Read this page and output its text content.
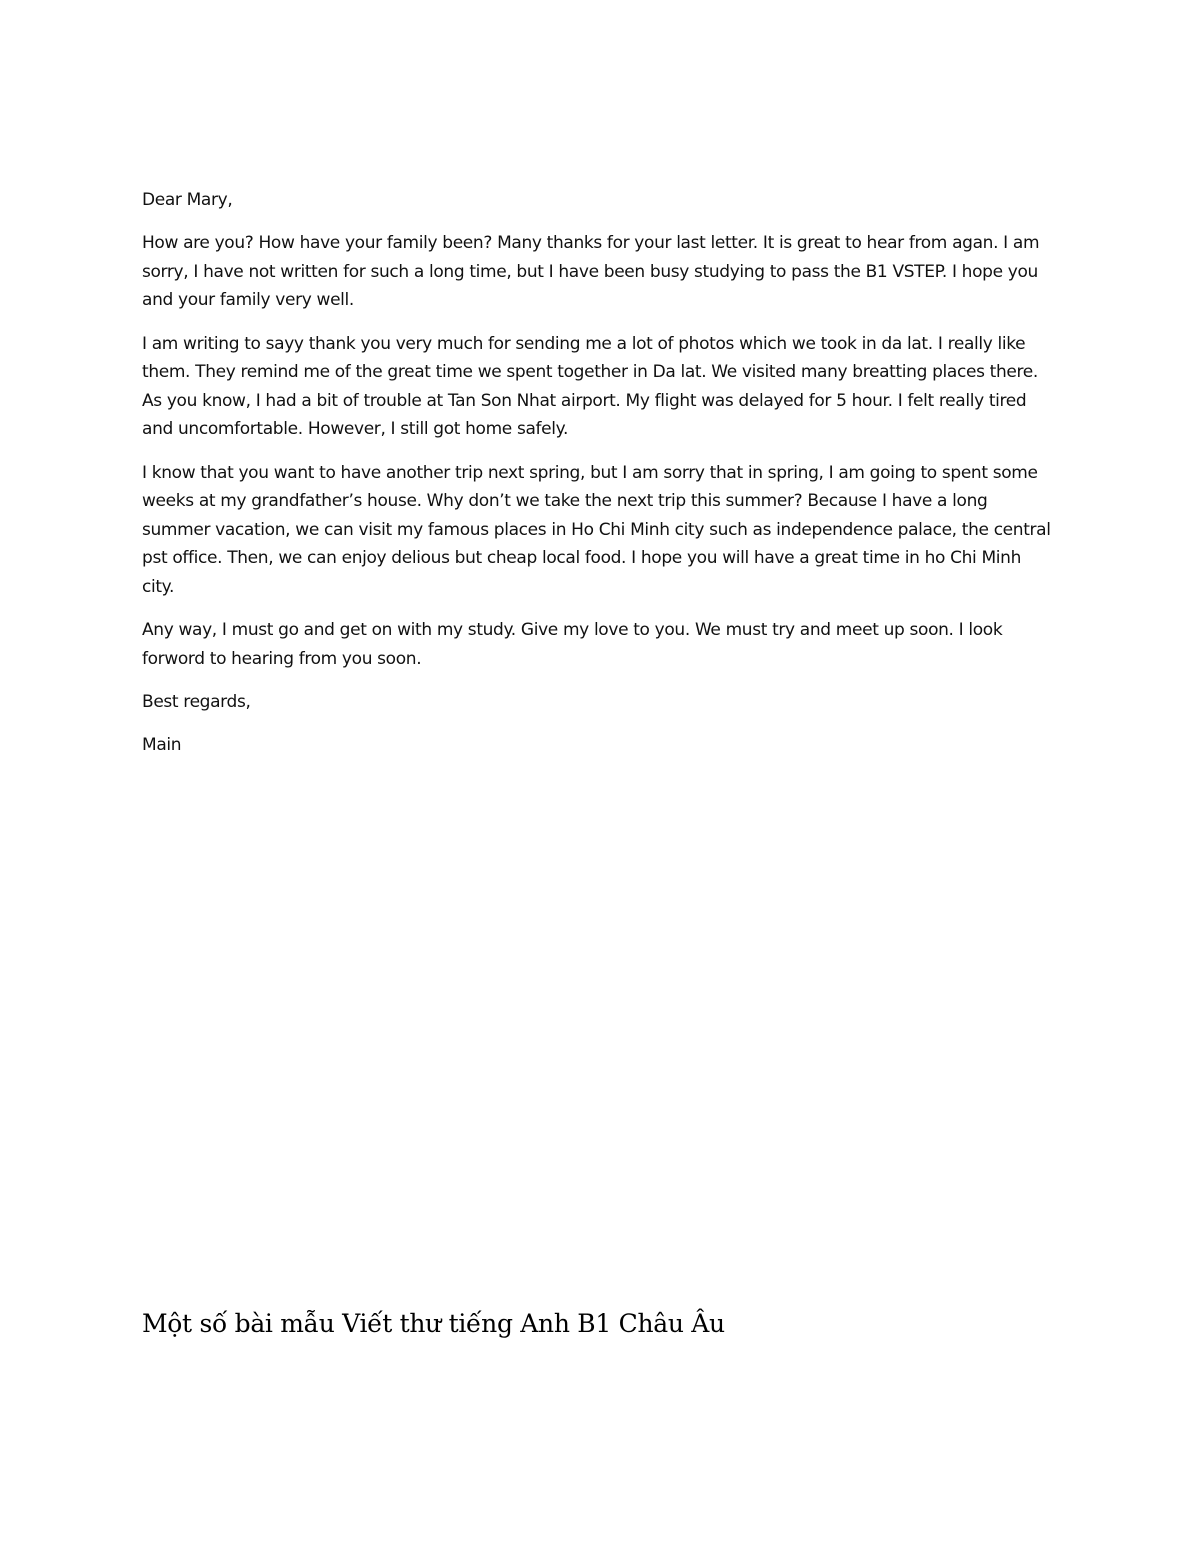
Dear Mary,

How are you? How have your family been? Many thanks for your last letter. It is great to hear from agan. I am sorry, I have not written for such a long time, but I have been busy studying to pass the B1 VSTEP. I hope you and your family very well.

I am writing to sayy thank you very much for sending me a lot of photos which we took in da lat. I really like them. They remind me of the great time we spent together in Da lat. We visited many breatting places there. As you know, I had a bit of trouble at Tan Son Nhat airport. My flight was delayed for 5 hour. I felt really tired and uncomfortable. However, I still got home safely.

I know that you want to have another trip next spring, but I am sorry that in spring, I am going to spent some weeks at my grandfather’s house. Why don’t we take the next trip this summer? Because I have a long summer vacation, we can visit my famous places in Ho Chi Minh city such as independence palace, the central pst office. Then, we can enjoy delious but cheap local food. I hope you will have a great time in ho Chi Minh city.

Any way, I must go and get on with my study. Give my love to you. We must try and meet up soon. I look forword to hearing from you soon.

Best regards,

Main

Một số bài mẫu Viết thư tiếng Anh B1 Châu Âu
